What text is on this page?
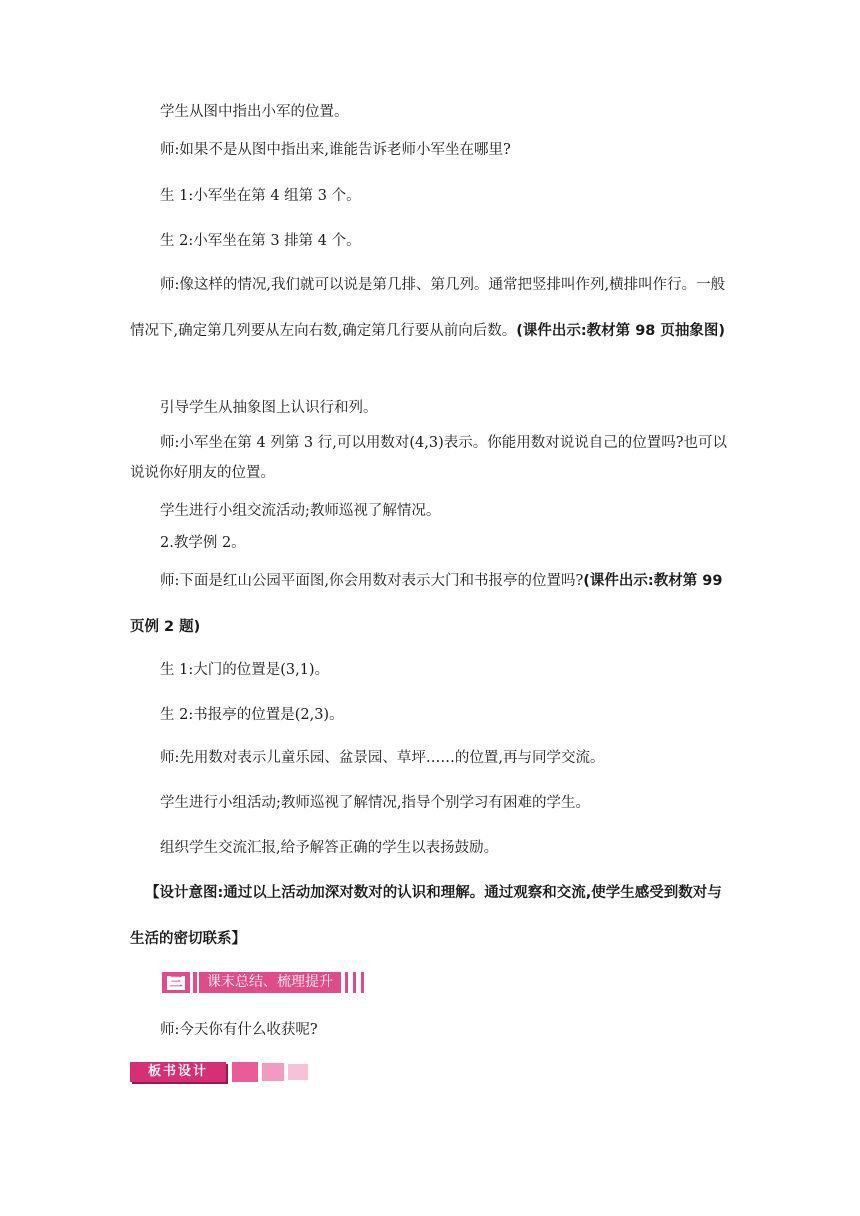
学生从图中指出小军的位置。
师:如果不是从图中指出来,谁能告诉老师小军坐在哪里?
生 1:小军坐在第 4 组第 3 个。
生 2:小军坐在第 3 排第 4 个。
师:像这样的情况,我们就可以说是第几排、第几列。通常把竖排叫作列,横排叫作行。一般情况下,确定第几列要从左向右数,确定第几行要从前向后数。(课件出示:教材第 98 页抽象图)
引导学生从抽象图上认识行和列。
师:小军坐在第 4 列第 3 行,可以用数对(4,3)表示。你能用数对说说自己的位置吗?也可以说说你好朋友的位置。
学生进行小组交流活动;教师巡视了解情况。
2.教学例 2。
师:下面是红山公园平面图,你会用数对表示大门和书报亭的位置吗?(课件出示:教材第 99 页例 2 题)
生 1:大门的位置是(3,1)。
生 2:书报亭的位置是(2,3)。
师:先用数对表示儿童乐园、盆景园、草坪……的位置,再与同学交流。
学生进行小组活动;教师巡视了解情况,指导个别学习有困难的学生。
组织学生交流汇报,给予解答正确的学生以表扬鼓励。
【设计意图:通过以上活动加深对数对的认识和理解。通过观察和交流,使学生感受到数对与生活的密切联系】
三	课末总结、梳理提升
师:今天你有什么收获呢?
板书设计
